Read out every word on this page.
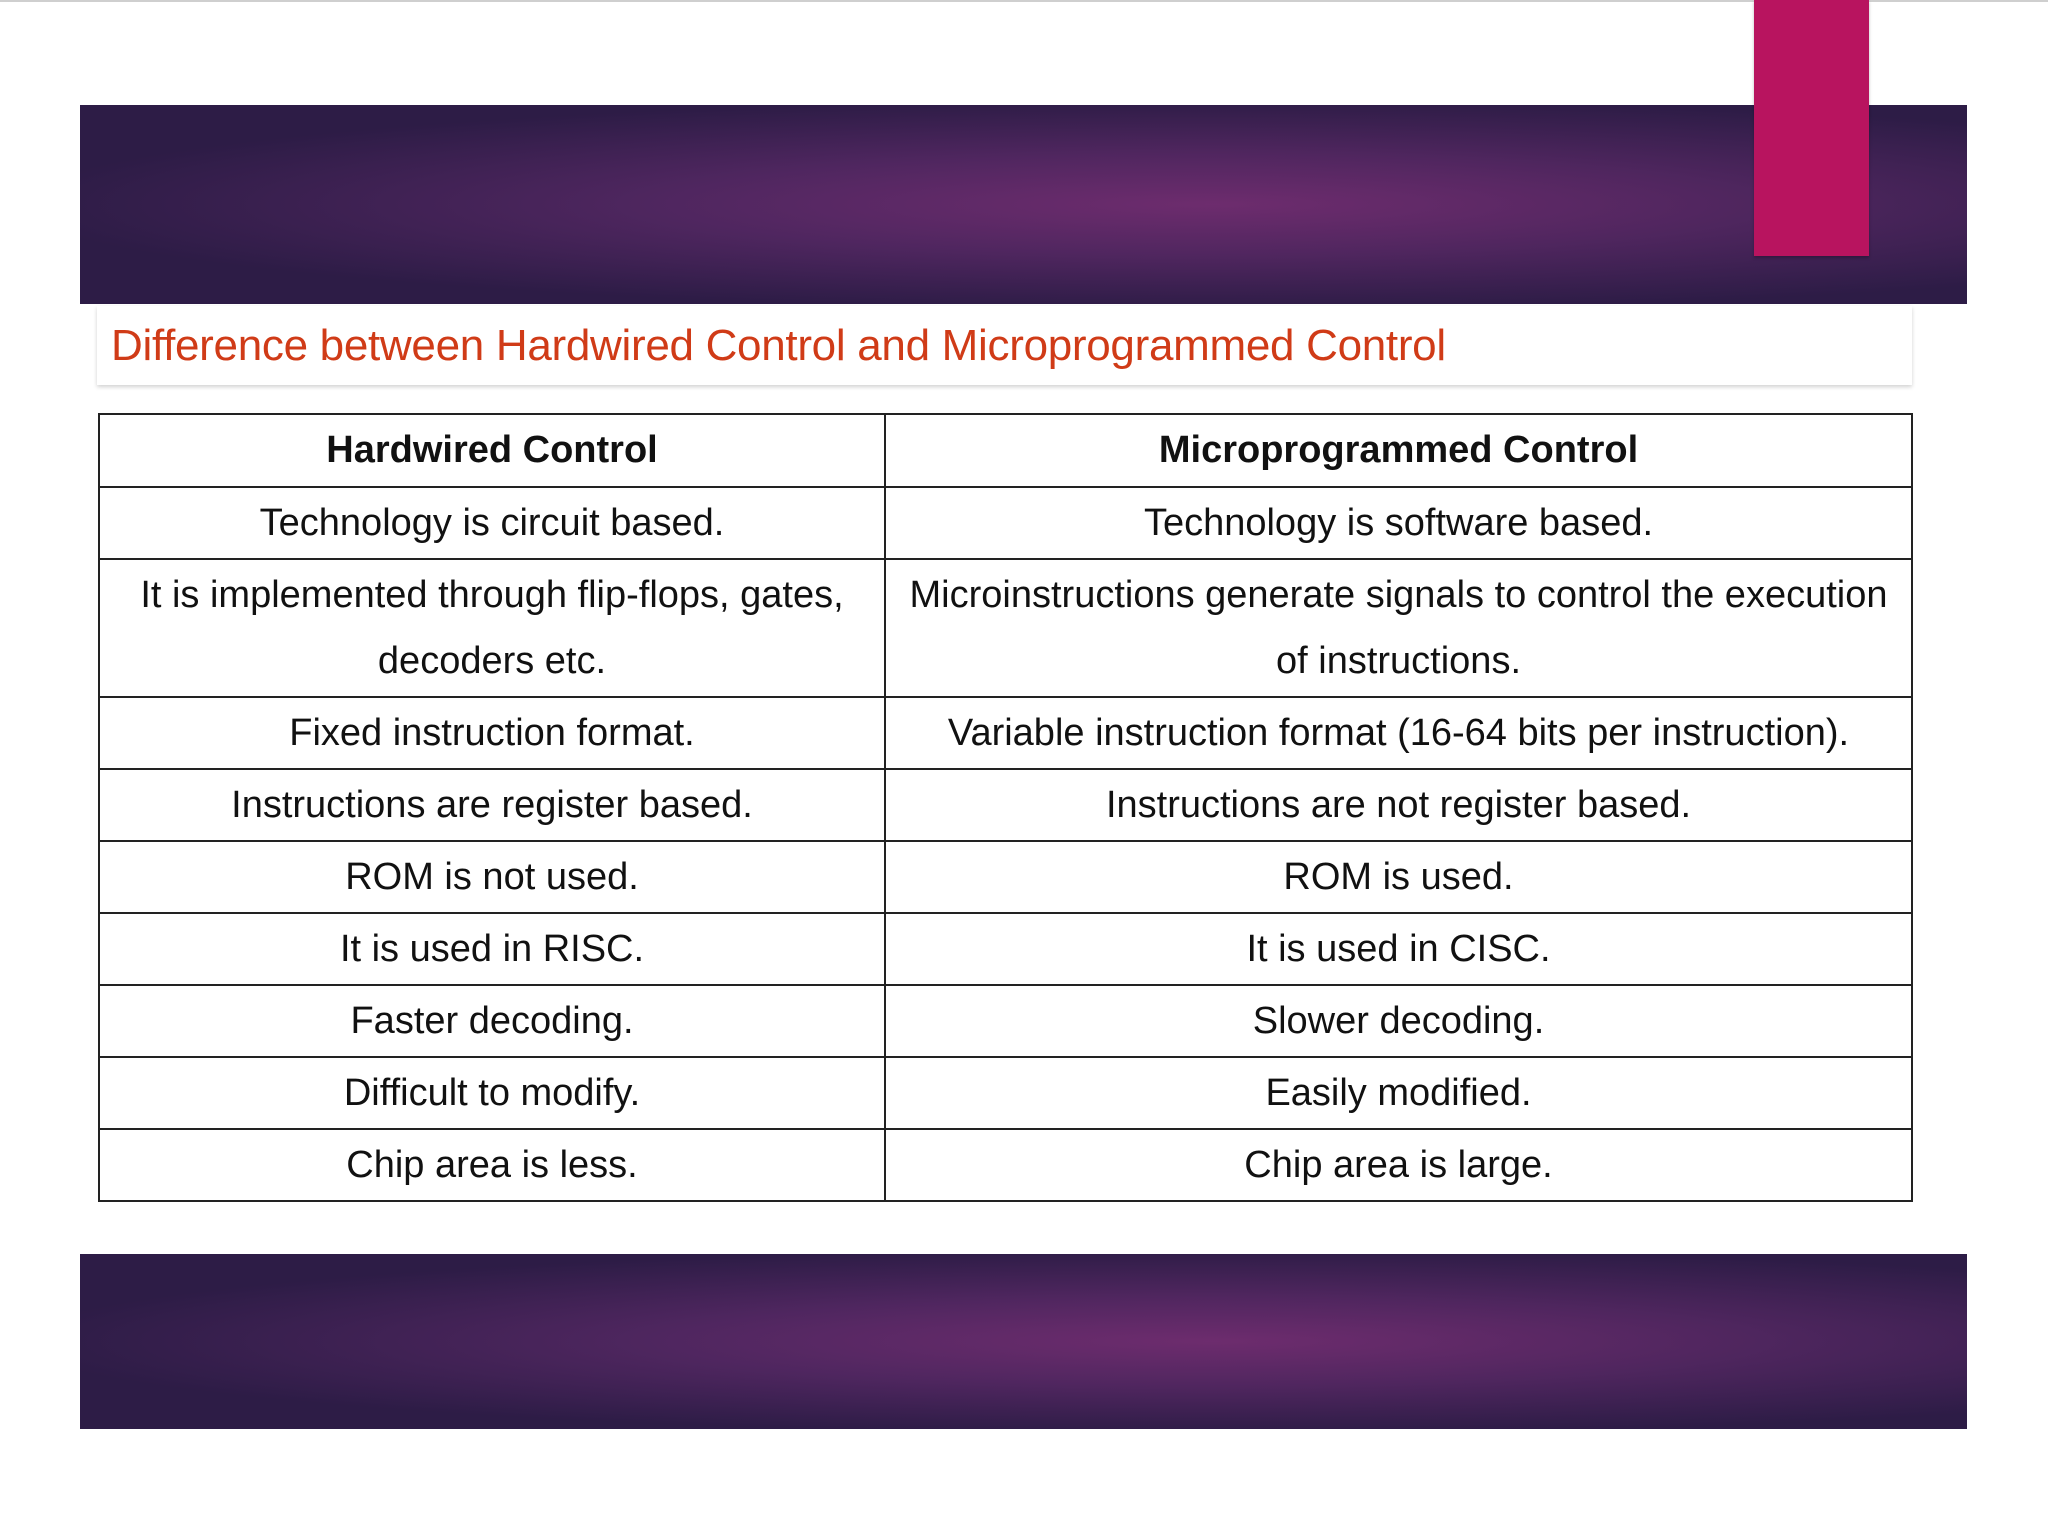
Difference between Hardwired Control and Microprogrammed Control
Hardwired Control	Microprogrammed Control
Technology is circuit based.	Technology is software based.
It is implemented through flip-flops, gates, decoders etc.	Microinstructions generate signals to control the execution of instructions.
Fixed instruction format.	Variable instruction format (16-64 bits per instruction).
Instructions are register based.	Instructions are not register based.
ROM is not used.	ROM is used.
It is used in RISC.	It is used in CISC.
Faster decoding.	Slower decoding.
Difficult to modify.	Easily modified.
Chip area is less.	Chip area is large.
